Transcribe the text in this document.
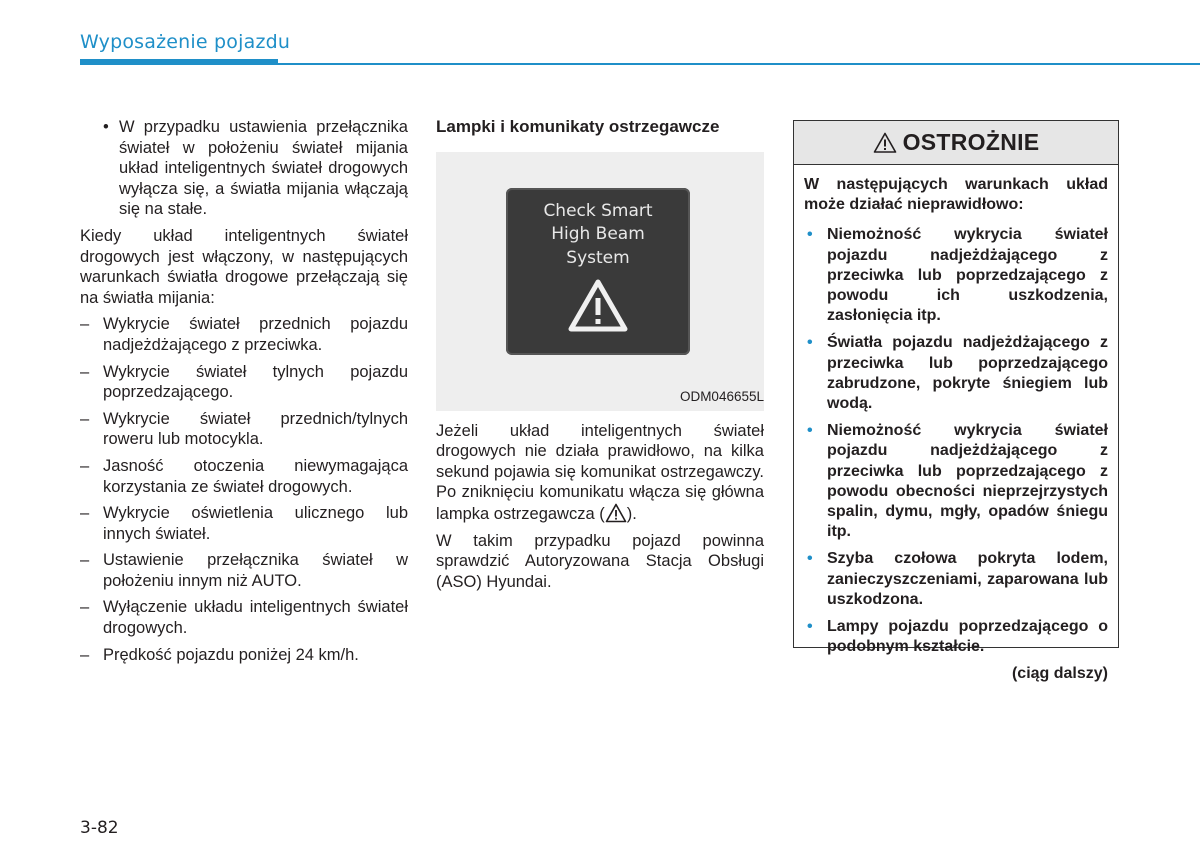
Wyposażenie pojazdu
• W przypadku ustawienia przełącznika świateł w położeniu świateł mijania układ inteligentnych świateł drogowych wyłącza się, a światła mijania włączają się na stałe.

Kiedy układ inteligentnych świateł drogowych jest włączony, w następujących warunkach światła drogowe przełączają się na światła mijania:

– Wykrycie świateł przednich pojazdu nadjeżdżającego z przeciwka.
– Wykrycie świateł tylnych pojazdu poprzedzającego.
– Wykrycie świateł przednich/tylnych roweru lub motocykla.
– Jasność otoczenia niewymagająca korzystania ze świateł drogowych.
– Wykrycie oświetlenia ulicznego lub innych świateł.
– Ustawienie przełącznika świateł w położeniu innym niż AUTO.
– Wyłączenie układu inteligentnych świateł drogowych.
– Prędkość pojazdu poniżej 24 km/h.
Lampki i komunikaty ostrzegawcze
Check Smart
High Beam
System
ODM046655L

Jeżeli układ inteligentnych świateł drogowych nie działa prawidłowo, na kilka sekund pojawia się komunikat ostrzegawczy. Po zniknięciu komunikatu włącza się główna lampka ostrzegawcza ( ).

W takim przypadku pojazd powinna sprawdzić Autoryzowana Stacja Obsługi (ASO) Hyundai.

OSTROŻNIE

W następujących warunkach układ może działać nieprawidłowo:

• Niemożność wykrycia świateł pojazdu nadjeżdżającego z przeciwka lub poprzedzającego z powodu ich uszkodzenia, zasłonięcia itp.
• Światła pojazdu nadjeżdżającego z przeciwka lub poprzedzającego zabrudzone, pokryte śniegiem lub wodą.
• Niemożność wykrycia świateł pojazdu nadjeżdżającego z przeciwka lub poprzedzającego z powodu obecności nieprzejrzystych spalin, dymu, mgły, opadów śniegu itp.
• Szyba czołowa pokryta lodem, zanieczyszczeniami, zaparowana lub uszkodzona.
• Lampy pojazdu poprzedzającego o podobnym kształcie.
(ciąg dalszy)
3-82
